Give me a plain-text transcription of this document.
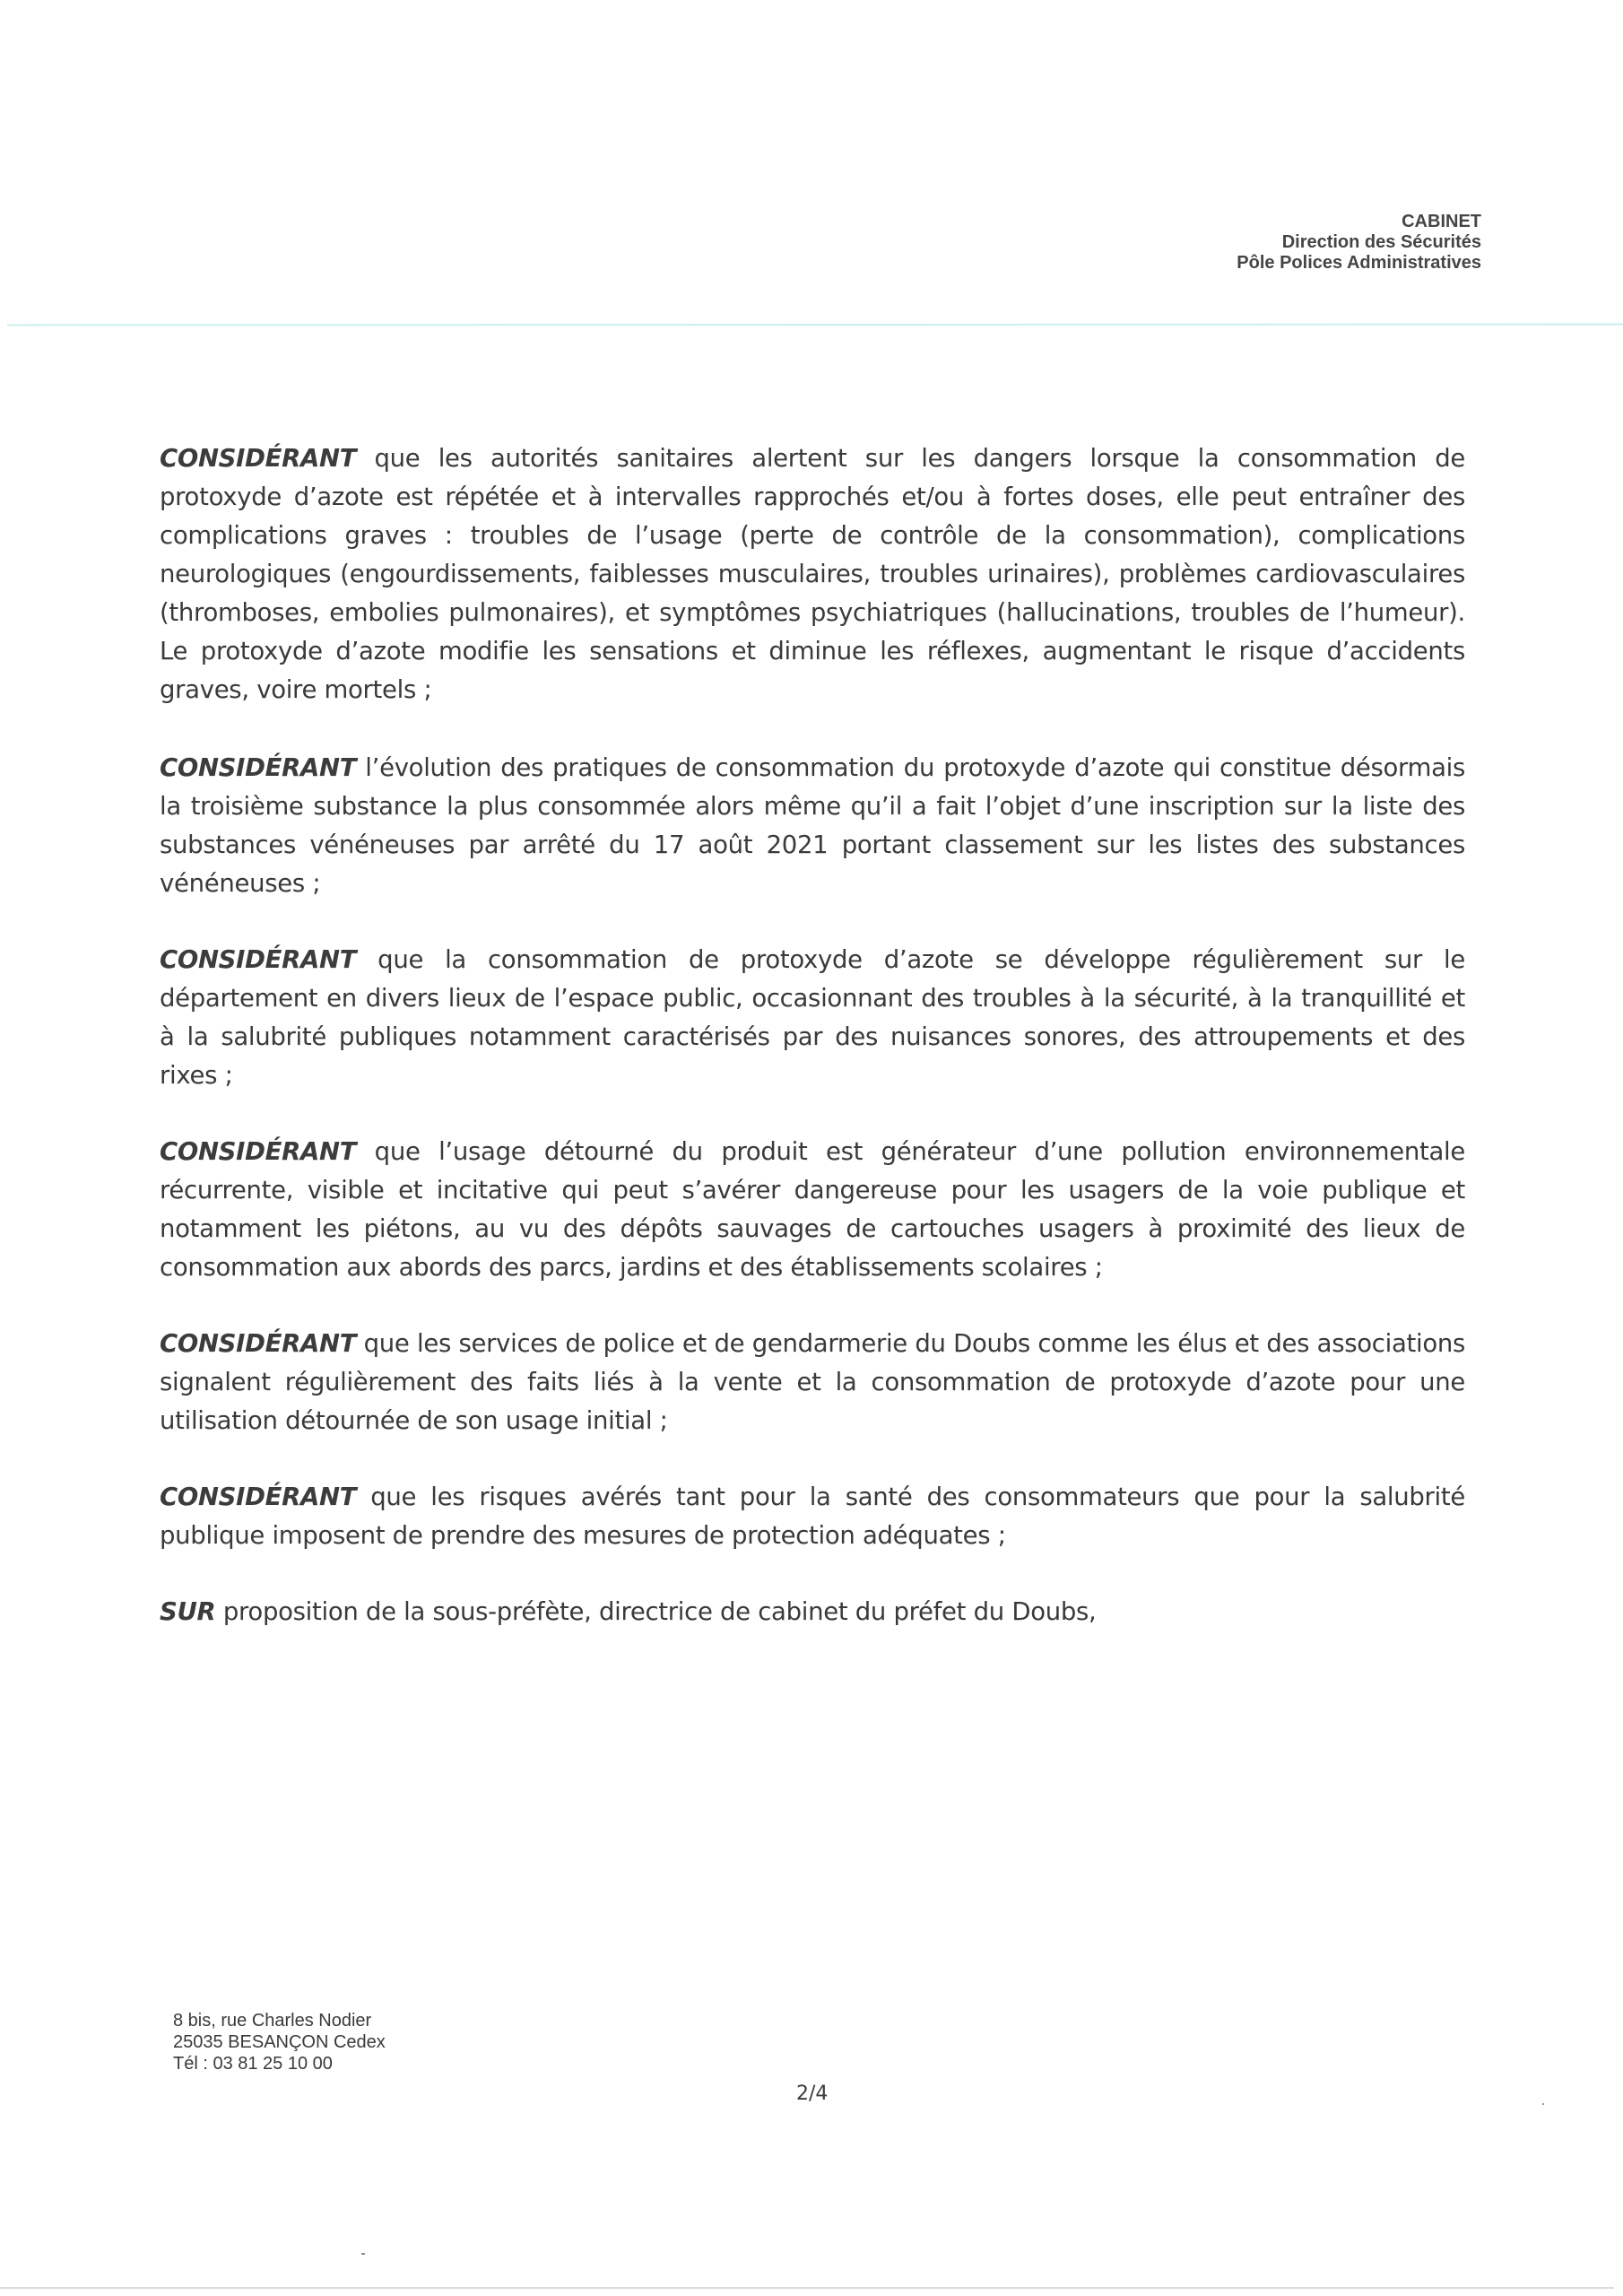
CABINET
Direction des Sécurités
Pôle Polices Administratives

CONSIDÉRANT que les autorités sanitaires alertent sur les dangers lorsque la consommation de protoxyde d’azote est répétée et à intervalles rapprochés et/ou à fortes doses, elle peut entraîner des complications graves : troubles de l’usage (perte de contrôle de la consommation), complications neurologiques (engourdissements, faiblesses musculaires, troubles urinaires), problèmes cardiovasculaires (thromboses, embolies pulmonaires), et symptômes psychiatriques (hallucinations, troubles de l’humeur). Le protoxyde d’azote modifie les sensations et diminue les réflexes, augmentant le risque d’accidents graves, voire mortels ;

CONSIDÉRANT l’évolution des pratiques de consommation du protoxyde d’azote qui constitue désormais la troisième substance la plus consommée alors même qu’il a fait l’objet d’une inscription sur la liste des substances vénéneuses par arrêté du 17 août 2021 portant classement sur les listes des substances vénéneuses ;

CONSIDÉRANT que la consommation de protoxyde d’azote se développe régulièrement sur le département en divers lieux de l’espace public, occasionnant des troubles à la sécurité, à la tranquillité et à la salubrité publiques notamment caractérisés par des nuisances sonores, des attroupements et des rixes ;

CONSIDÉRANT que l’usage détourné du produit est générateur d’une pollution environnementale récurrente, visible et incitative qui peut s’avérer dangereuse pour les usagers de la voie publique et notamment les piétons, au vu des dépôts sauvages de cartouches usagers à proximité des lieux de consommation aux abords des parcs, jardins et des établissements scolaires ;

CONSIDÉRANT que les services de police et de gendarmerie du Doubs comme les élus et des associations signalent régulièrement des faits liés à la vente et la consommation de protoxyde d’azote pour une utilisation détournée de son usage initial ;

CONSIDÉRANT que les risques avérés tant pour la santé des consommateurs que pour la salubrité publique imposent de prendre des mesures de protection adéquates ;

SUR proposition de la sous-préfète, directrice de cabinet du préfet du Doubs,

8 bis, rue Charles Nodier
25035 BESANÇON Cedex
Tél : 03 81 25 10 00
2/4
